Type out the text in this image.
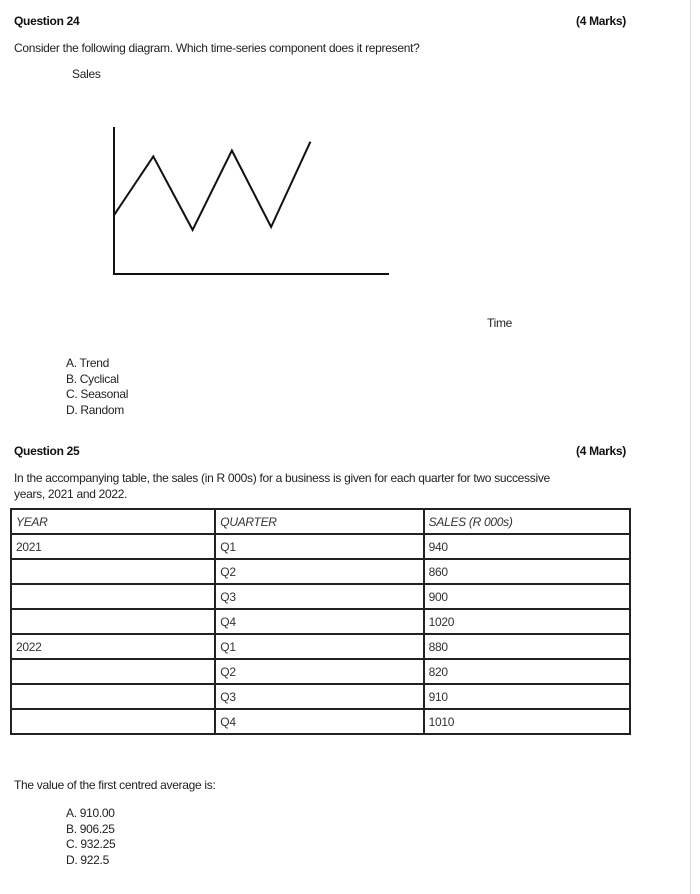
Question 24	(4 Marks)
Consider the following diagram. Which time-series component does it represent?
Sales
Time
A. Trend
B. Cyclical
C. Seasonal
D. Random
Question 25	(4 Marks)
In the accompanying table, the sales (in R 000s) for a business is given for each quarter for two successive
years, 2021 and 2022.
YEAR	QUARTER	SALES (R 000s)
2021	Q1	940
	Q2	860
	Q3	900
	Q4	1020
2022	Q1	880
	Q2	820
	Q3	910
	Q4	1010
The value of the first centred average is:
A. 910.00
B. 906.25
C. 932.25
D. 922.5
